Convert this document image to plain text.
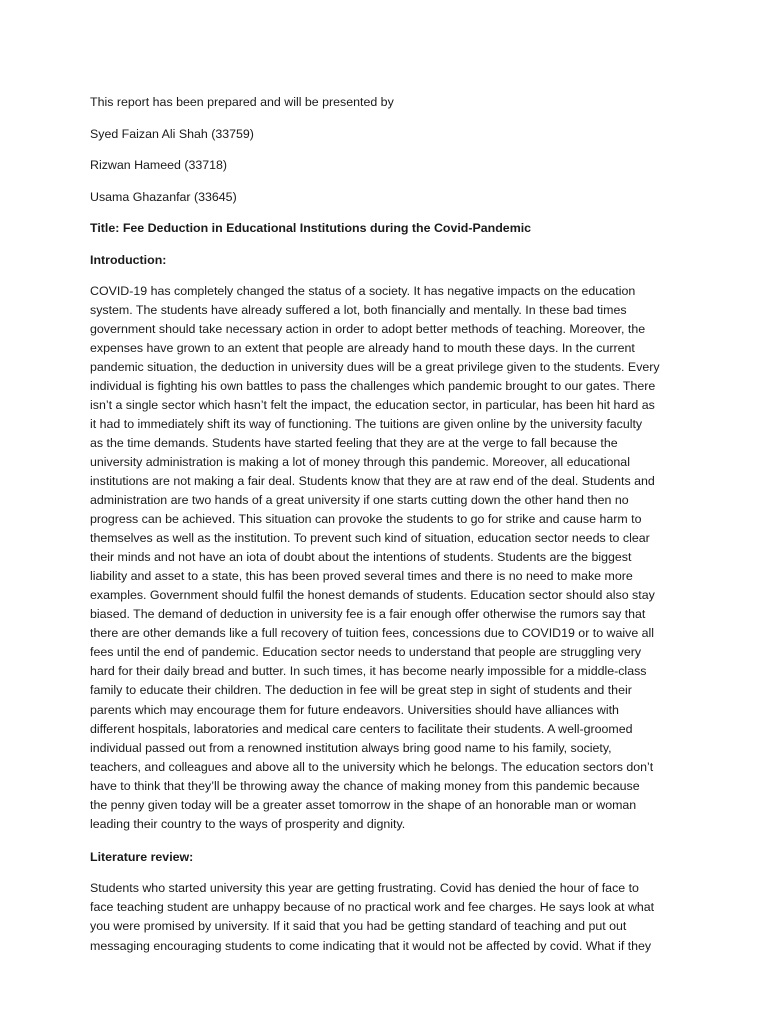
This report has been prepared and will be presented by
Syed Faizan Ali Shah (33759)
Rizwan Hameed (33718)
Usama Ghazanfar (33645)
Title: Fee Deduction in Educational Institutions during the Covid-Pandemic
Introduction:
COVID-19 has completely changed the status of a society. It has negative impacts on the education
system. The students have already suffered a lot, both financially and mentally. In these bad times
government should take necessary action in order to adopt better methods of teaching. Moreover, the
expenses have grown to an extent that people are already hand to mouth these days. In the current
pandemic situation, the deduction in university dues will be a great privilege given to the students. Every
individual is fighting his own battles to pass the challenges which pandemic brought to our gates. There
isn’t a single sector which hasn’t felt the impact, the education sector, in particular, has been hit hard as
it had to immediately shift its way of functioning. The tuitions are given online by the university faculty
as the time demands. Students have started feeling that they are at the verge to fall because the
university administration is making a lot of money through this pandemic. Moreover, all educational
institutions are not making a fair deal. Students know that they are at raw end of the deal. Students and
administration are two hands of a great university if one starts cutting down the other hand then no
progress can be achieved. This situation can provoke the students to go for strike and cause harm to
themselves as well as the institution. To prevent such kind of situation, education sector needs to clear
their minds and not have an iota of doubt about the intentions of students. Students are the biggest
liability and asset to a state, this has been proved several times and there is no need to make more
examples. Government should fulfil the honest demands of students. Education sector should also stay
biased. The demand of deduction in university fee is a fair enough offer otherwise the rumors say that
there are other demands like a full recovery of tuition fees, concessions due to COVID19 or to waive all
fees until the end of pandemic. Education sector needs to understand that people are struggling very
hard for their daily bread and butter. In such times, it has become nearly impossible for a middle-class
family to educate their children. The deduction in fee will be great step in sight of students and their
parents which may encourage them for future endeavors. Universities should have alliances with
different hospitals, laboratories and medical care centers to facilitate their students. A well-groomed
individual passed out from a renowned institution always bring good name to his family, society,
teachers, and colleagues and above all to the university which he belongs. The education sectors don’t
have to think that they’ll be throwing away the chance of making money from this pandemic because
the penny given today will be a greater asset tomorrow in the shape of an honorable man or woman
leading their country to the ways of prosperity and dignity.
Literature review:
Students who started university this year are getting frustrating. Covid has denied the hour of face to
face teaching student are unhappy because of no practical work and fee charges. He says look at what
you were promised by university. If it said that you had be getting standard of teaching and put out
messaging encouraging students to come indicating that it would not be affected by covid. What if they
